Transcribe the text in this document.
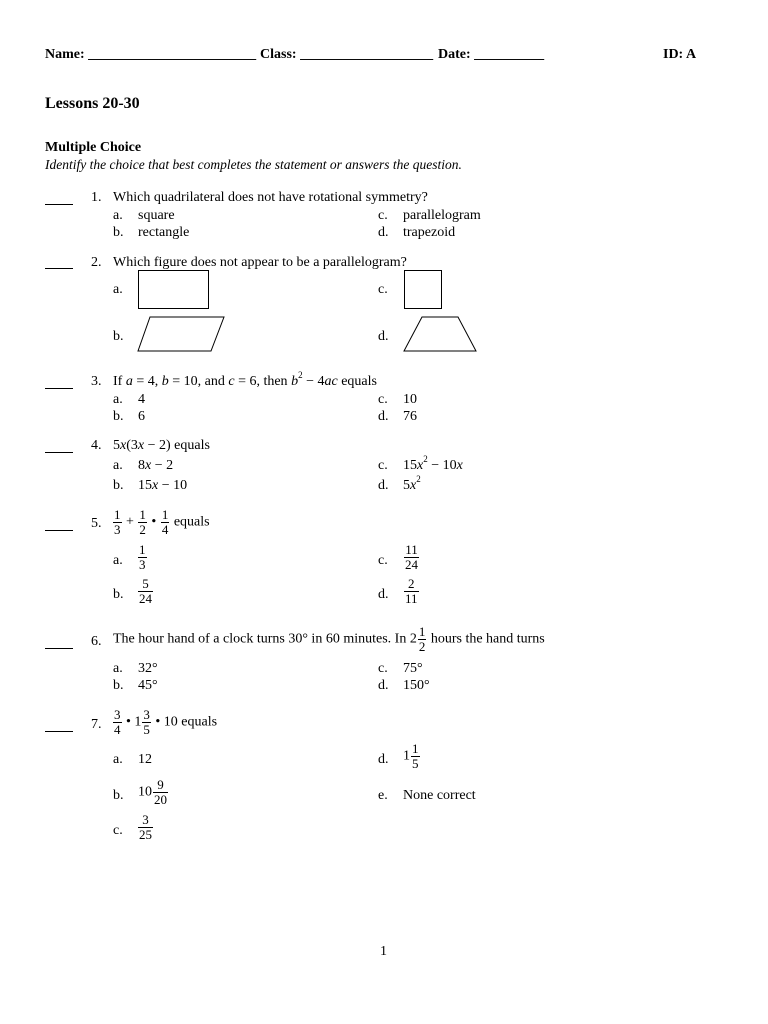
Name: ________________________ Class: ___________________ Date: __________	ID: A
Lessons 20-30
Multiple Choice
Identify the choice that best completes the statement or answers the question.
1. Which quadrilateral does not have rotational symmetry?
a. square
b. rectangle
c. parallelogram
d. trapezoid
2. Which figure does not appear to be a parallelogram?
a.	c.
b.	d.
3. If a = 4, b = 10, and c = 6, then $b^2 - 4ac$ equals
a. 4
b. 6
c. 10
d. 76
4. 5x(3x − 2) equals
a. 8x − 2
b. 15x − 10
c. $15x^2 - 10x$
d. $5x^2$
5. $\frac{1}{3} + \frac{1}{2}$ • $\frac{1}{4}$ equals
a. $\frac{1}{3}$
b. $\frac{5}{24}$
c. $\frac{11}{24}$
d. $\frac{2}{11}$
6. The hour hand of a clock turns 30° in 60 minutes. In $2 \frac{1}{2}$ hours the hand turns
a. 32°
b. 45°
c. 75°
d. 150°
7. $\frac{3}{4}$ • $1 \frac{3}{5}$ • 10 equals
a. 12	d. $1 \frac{1}{5}$
b. $10 \frac{9}{20}$	e. None correct
c. $\frac{3}{25}$
1
